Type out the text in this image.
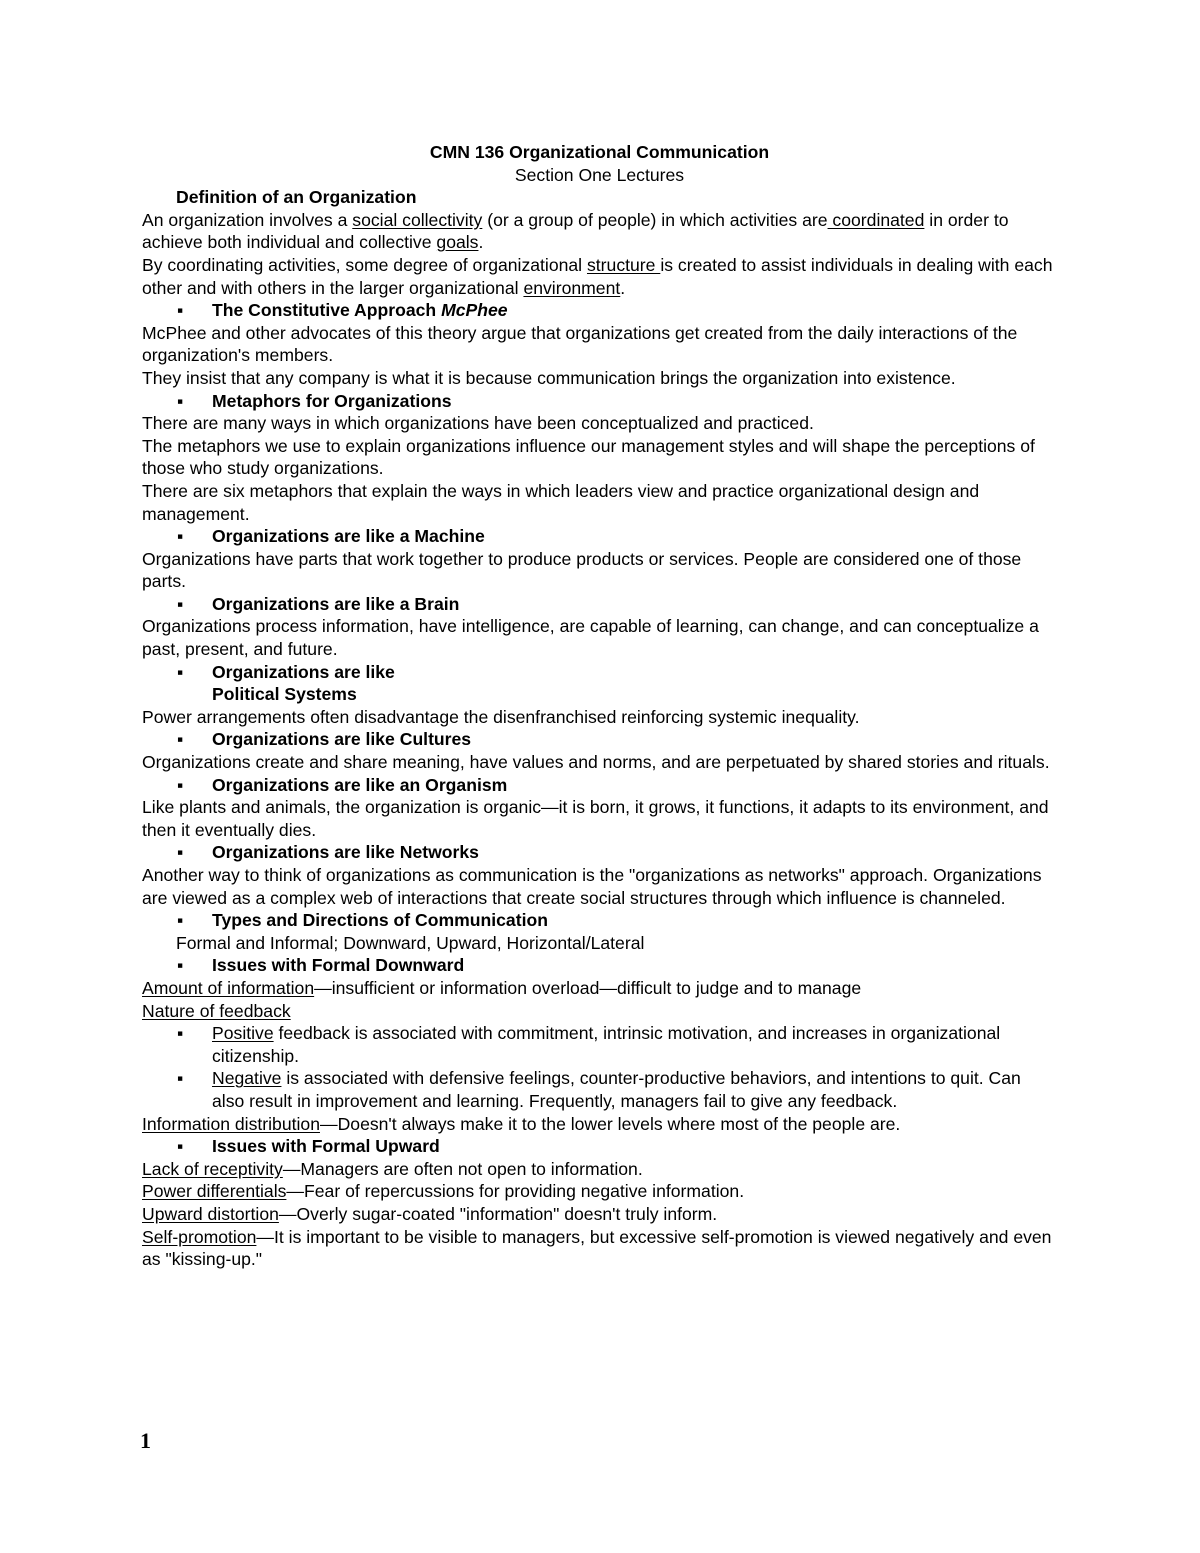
CMN 136 Organizational Communication
Section One Lectures
Definition of an Organization
An organization involves a social collectivity (or a group of people) in which activities are coordinated in order to achieve both individual and collective goals.
By coordinating activities, some degree of organizational structure is created to assist individuals in dealing with each other and with others in the larger organizational environment.
▪ The Constitutive Approach McPhee
McPhee and other advocates of this theory argue that organizations get created from the daily interactions of the organization's members.
They insist that any company is what it is because communication brings the organization into existence.
▪ Metaphors for Organizations
There are many ways in which organizations have been conceptualized and practiced.
The metaphors we use to explain organizations influence our management styles and will shape the perceptions of those who study organizations.
There are six metaphors that explain the ways in which leaders view and practice organizational design and management.
▪ Organizations are like a Machine
Organizations have parts that work together to produce products or services. People are considered one of those parts.
▪ Organizations are like a Brain
Organizations process information, have intelligence, are capable of learning, can change, and can conceptualize a past, present, and future.
▪ Organizations are like
Political Systems
Power arrangements often disadvantage the disenfranchised reinforcing systemic inequality.
▪ Organizations are like Cultures
Organizations create and share meaning, have values and norms, and are perpetuated by shared stories and rituals.
▪ Organizations are like an Organism
Like plants and animals, the organization is organic—it is born, it grows, it functions, it adapts to its environment, and then it eventually dies.
▪ Organizations are like Networks
Another way to think of organizations as communication is the "organizations as networks" approach. Organizations are viewed as a complex web of interactions that create social structures through which influence is channeled.
▪ Types and Directions of Communication
Formal and Informal; Downward, Upward, Horizontal/Lateral
▪ Issues with Formal Downward
Amount of information—insufficient or information overload—difficult to judge and to manage
Nature of feedback
▪ Positive feedback is associated with commitment, intrinsic motivation, and increases in organizational citizenship.
▪ Negative is associated with defensive feelings, counter-productive behaviors, and intentions to quit. Can also result in improvement and learning. Frequently, managers fail to give any feedback.
Information distribution—Doesn't always make it to the lower levels where most of the people are.
▪ Issues with Formal Upward
Lack of receptivity—Managers are often not open to information.
Power differentials—Fear of repercussions for providing negative information.
Upward distortion—Overly sugar-coated "information" doesn't truly inform.
Self-promotion—It is important to be visible to managers, but excessive self-promotion is viewed negatively and even as "kissing-up."
1
